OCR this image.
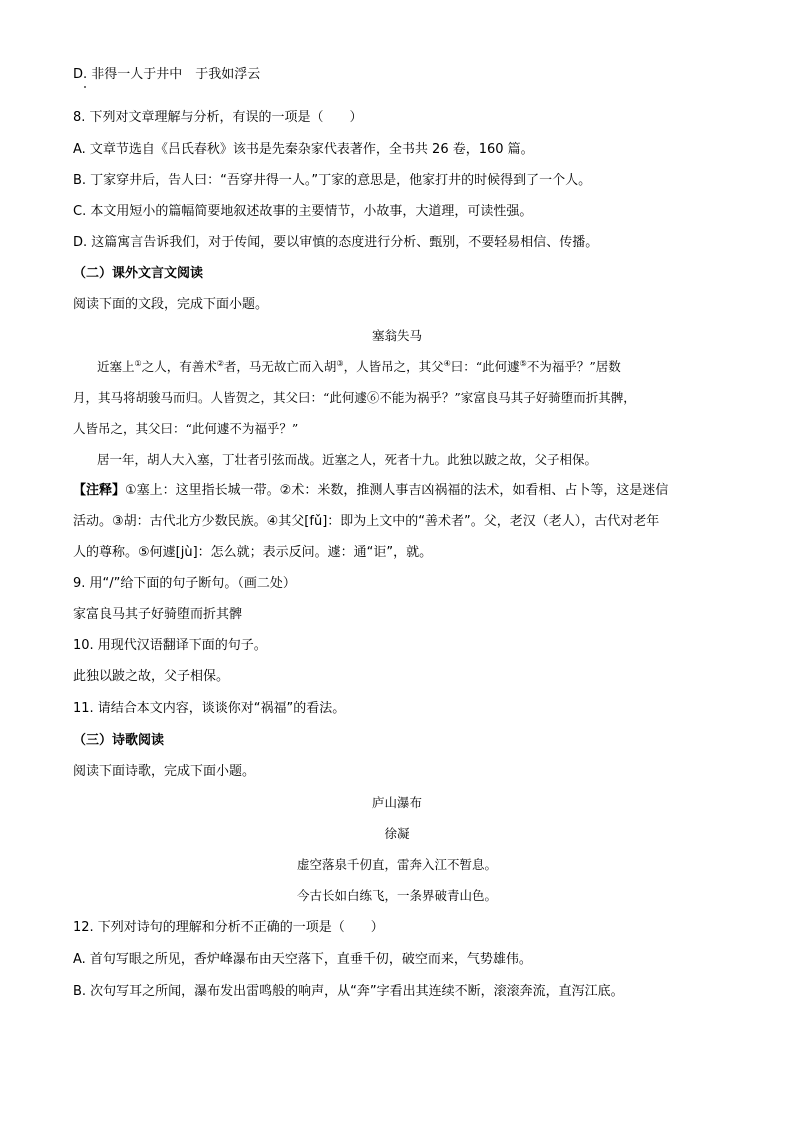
D. 非得一人于井中　于我如浮云
8. 下列对文章理解与分析，有误的一项是（　　）
A. 文章节选自《吕氏春秋》该书是先秦杂家代表著作，全书共 26 卷，160 篇。
B. 丁家穿井后，告人曰：“吾穿井得一人。”丁家的意思是，他家打井的时候得到了一个人。
C. 本文用短小的篇幅简要地叙述故事的主要情节，小故事，大道理，可读性强。
D. 这篇寓言告诉我们，对于传闻，要以审慎的态度进行分析、甄别，不要轻易相信、传播。
（二）课外文言文阅读
阅读下面的文段，完成下面小题。
塞翁失马
近塞上①之人，有善术②者，马无故亡而入胡③，人皆吊之，其父④曰：“此何遽⑤不为福乎？”居数
月，其马将胡骏马而归。人皆贺之，其父曰：“此何遽⑥不能为祸乎？”家富良马其子好骑堕而折其髀，
人皆吊之，其父曰：“此何遽不为福乎？”
居一年，胡人大入塞，丁壮者引弦而战。近塞之人，死者十九。此独以跛之故，父子相保。
【注释】①塞上：这里指长城一带。②术：米数，推测人事吉凶祸福的法术，如看相、占卜等，这是迷信
活动。③胡：古代北方少数民族。④其父[fǔ]：即为上文中的“善术者”。父，老汉（老人），古代对老年
人的尊称。⑤何遽[jù]：怎么就；表示反问。遽：通“讵”，就。
9. 用“/”给下面的句子断句。（画二处）
家富良马其子好骑堕而折其髀
10. 用现代汉语翻译下面的句子。
此独以跛之故，父子相保。
11. 请结合本文内容，谈谈你对“祸福”的看法。
（三）诗歌阅读
阅读下面诗歌，完成下面小题。
庐山瀑布
徐凝
虚空落泉千仞直，雷奔入江不暂息。
今古长如白练飞，一条界破青山色。
12. 下列对诗句的理解和分析不正确的一项是（　　）
A. 首句写眼之所见，香炉峰瀑布由天空落下，直垂千仞，破空而来，气势雄伟。
B. 次句写耳之所闻，瀑布发出雷鸣般的响声，从“奔”字看出其连续不断，滚滚奔流，直泻江底。
